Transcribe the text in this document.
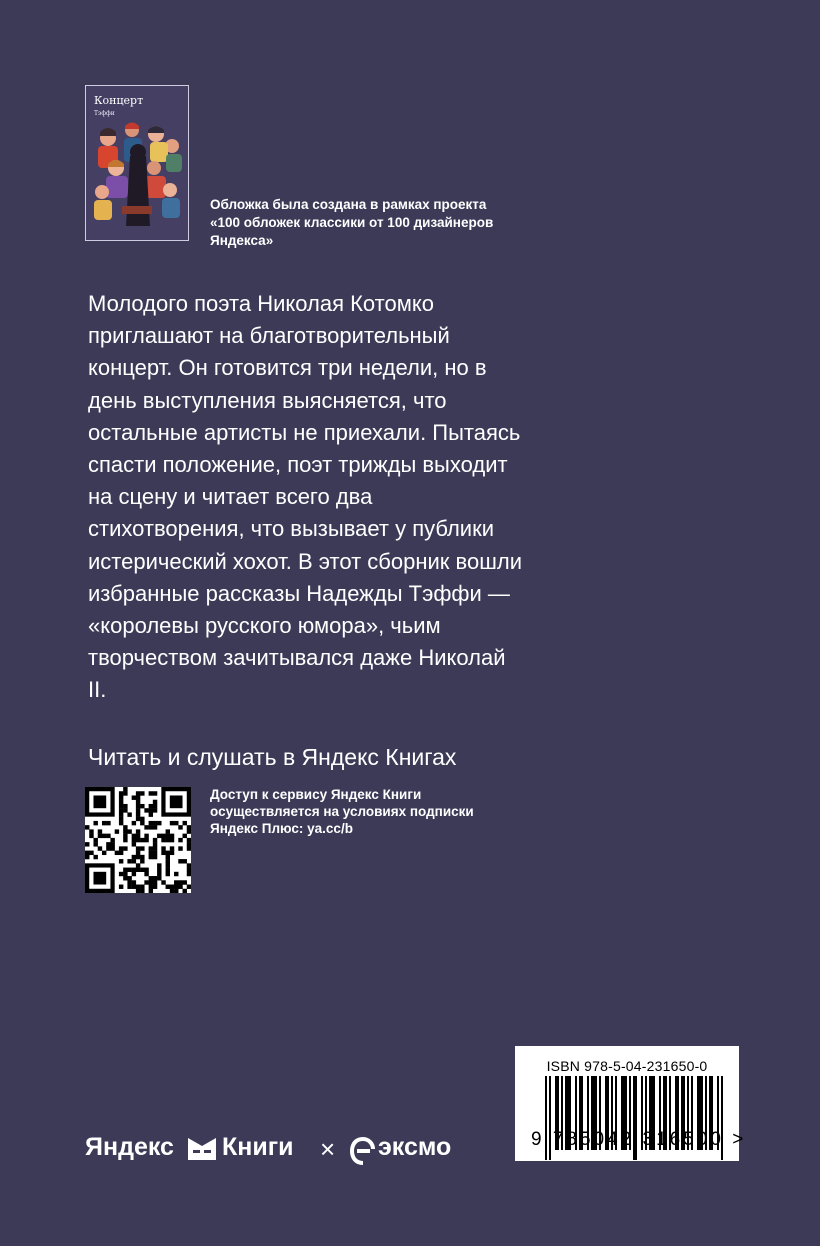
Концерт
Тэффи
Обложка была создана в рамках проекта «100 обложек классики от 100 дизайнеров Яндекса»
Молодого поэта Николая Котомко приглашают на благотворительный концерт. Он готовится три недели, но в день выступления выясняется, что остальные артисты не приехали. Пытаясь спасти положение, поэт трижды выходит на сцену и читает всего два стихотворения, что вызывает у публики истерический хохот. В этот сборник вошли избранные рассказы Надежды Тэффи — «королевы русского юмора», чьим творчеством зачитывался даже Николай II.
Читать и слушать в Яндекс Книгах
Доступ к сервису Яндекс Книги осуществляется на условиях подписки Яндекс Плюс: ya.cc/b
ISBN 978-5-04-231650-0
9 785042 316500 >
Яндекс Книги × эксмо
